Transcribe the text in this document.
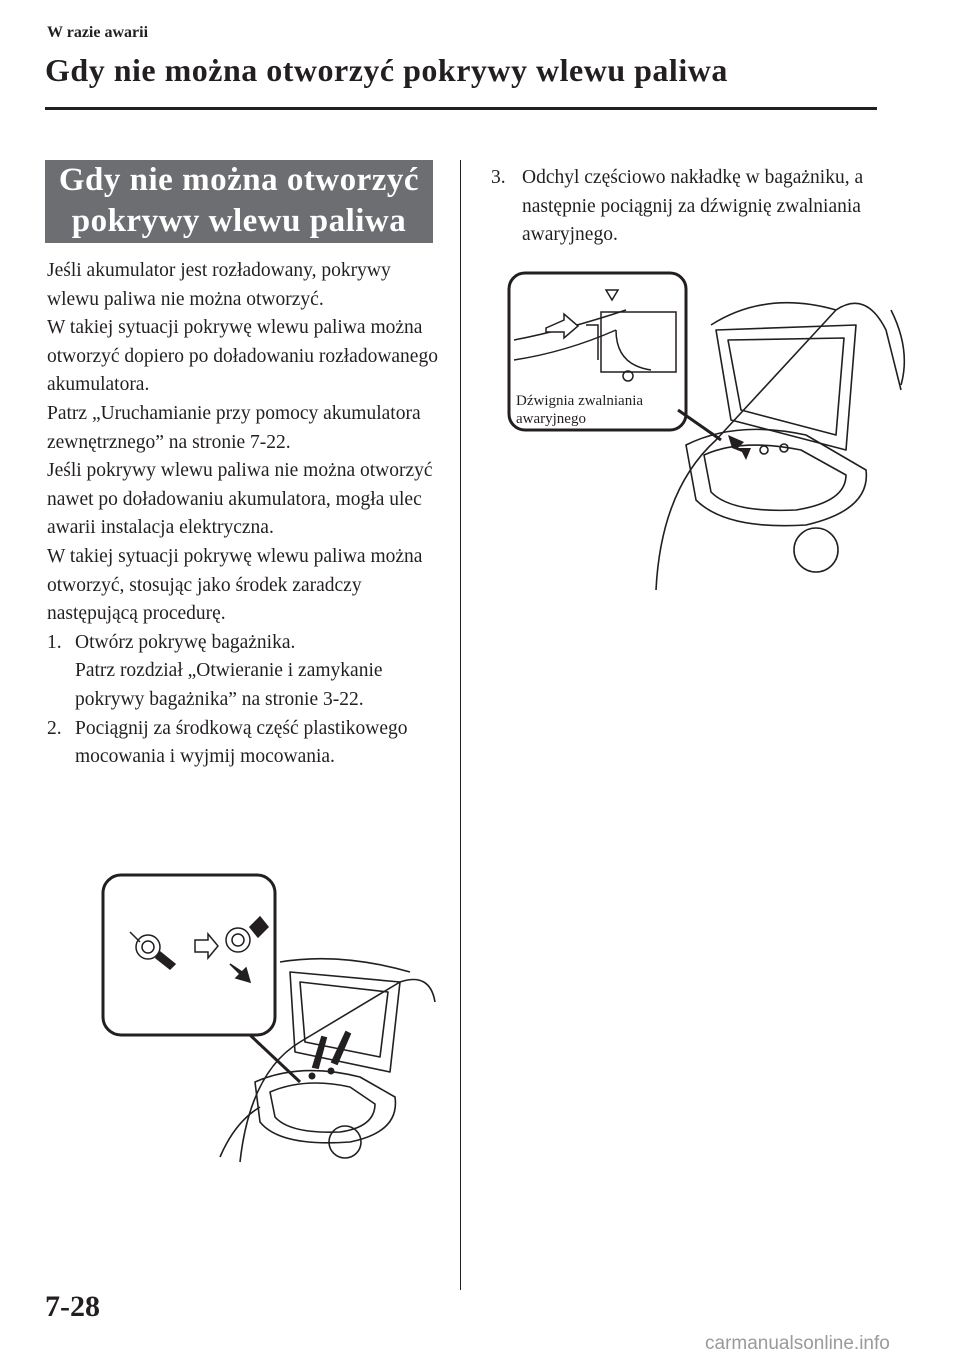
W razie awarii
Gdy nie można otworzyć pokrywy wlewu paliwa
Gdy nie można otworzyć
pokrywy wlewu paliwa

Jeśli akumulator jest rozładowany, pokrywy wlewu paliwa nie można otworzyć.

W takiej sytuacji pokrywę wlewu paliwa można otworzyć dopiero po doładowaniu rozładowanego akumulatora.

Patrz „Uruchamianie przy pomocy akumulatora zewnętrznego” na stronie 7-22.

Jeśli pokrywy wlewu paliwa nie można otworzyć nawet po doładowaniu akumulatora, mogła ulec awarii instalacja elektryczna.

W takiej sytuacji pokrywę wlewu paliwa można otworzyć, stosując jako środek zaradczy następującą procedurę.

1. Otwórz pokrywę bagażnika.
Patrz rozdział „Otwieranie i zamykanie pokrywy bagażnika” na stronie 3-22.
2. Pociągnij za środkową część plastikowego mocowania i wyjmij mocowania.
3. Odchyl częściowo nakładkę w bagażniku, a następnie pociągnij za dźwignię zwalniania awaryjnego.
Dźwignia zwalniania
awaryjnego
7-28
carmanualsonline.info
